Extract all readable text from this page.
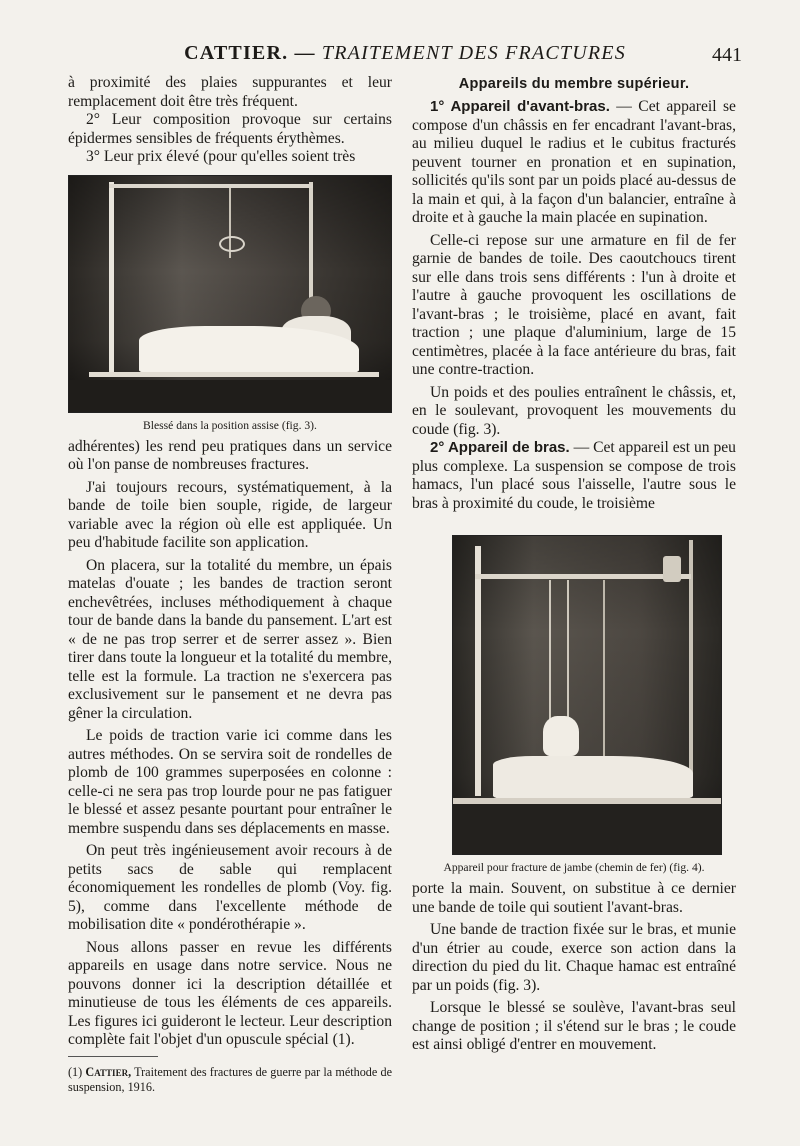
CATTIER. — TRAITEMENT DES FRACTURES	441

à proximité des plaies suppurantes et leur remplacement doit être très fréquent.

2° Leur composition provoque sur certains épidermes sensibles de fréquents érythèmes.

3° Leur prix élevé (pour qu'elles soient très

Blessé dans la position assise (fig. 3).

adhérentes) les rend peu pratiques dans un service où l'on panse de nombreuses fractures.

J'ai toujours recours, systématiquement, à la bande de toile bien souple, rigide, de largeur variable avec la région où elle est appliquée. Un peu d'habitude facilite son application.

On placera, sur la totalité du membre, un épais matelas d'ouate ; les bandes de traction seront enchevêtrées, incluses méthodiquement à chaque tour de bande dans la bande du pansement. L'art est « de ne pas trop serrer et de serrer assez ». Bien tirer dans toute la longueur et la totalité du membre, telle est la formule. La traction ne s'exercera pas exclusivement sur le pansement et ne devra pas gêner la circulation.

Le poids de traction varie ici comme dans les autres méthodes. On se servira soit de rondelles de plomb de 100 grammes superposées en colonne : celle-ci ne sera pas trop lourde pour ne pas fatiguer le blessé et assez pesante pourtant pour entraîner le membre suspendu dans ses déplacements en masse.

On peut très ingénieusement avoir recours à de petits sacs de sable qui remplacent économiquement les rondelles de plomb (Voy. fig. 5), comme dans l'excellente méthode de mobilisation dite « pondérothérapie ».

Nous allons passer en revue les différents appareils en usage dans notre service. Nous ne pouvons donner ici la description détaillée et minutieuse de tous les éléments de ces appareils. Les figures ici guideront le lecteur. Leur description complète fait l'objet d'un opuscule spécial (1).

(1) Cattier, Traitement des fractures de guerre par la méthode de suspension, 1916.
Appareils du membre supérieur.

1° Appareil d'avant-bras. — Cet appareil se compose d'un châssis en fer encadrant l'avant-bras, au milieu duquel le radius et le cubitus fracturés peuvent tourner en pronation et en supination, sollicités qu'ils sont par un poids placé au-dessus de la main et qui, à la façon d'un balancier, entraîne à droite et à gauche la main placée en supination.

Celle-ci repose sur une armature en fil de fer garnie de bandes de toile. Des caoutchoucs tirent sur elle dans trois sens différents : l'un à droite et l'autre à gauche provoquent les oscillations de l'avant-bras ; le troisième, placé en avant, fait traction ; une plaque d'aluminium, large de 15 centimètres, placée à la face antérieure du bras, fait une contre-traction.

Un poids et des poulies entraînent le châssis, et, en le soulevant, provoquent les mouvements du coude (fig. 3).

2° Appareil de bras. — Cet appareil est un peu plus complexe. La suspension se compose de trois hamacs, l'un placé sous l'aisselle, l'autre sous le bras à proximité du coude, le troisième

Appareil pour fracture de jambe (chemin de fer) (fig. 4).

porte la main. Souvent, on substitue à ce dernier une bande de toile qui soutient l'avant-bras.

Une bande de traction fixée sur le bras, et munie d'un étrier au coude, exerce son action dans la direction du pied du lit. Chaque hamac est entraîné par un poids (fig. 3).

Lorsque le blessé se soulève, l'avant-bras seul change de position ; il s'étend sur le bras ; le coude est ainsi obligé d'entrer en mouvement.
